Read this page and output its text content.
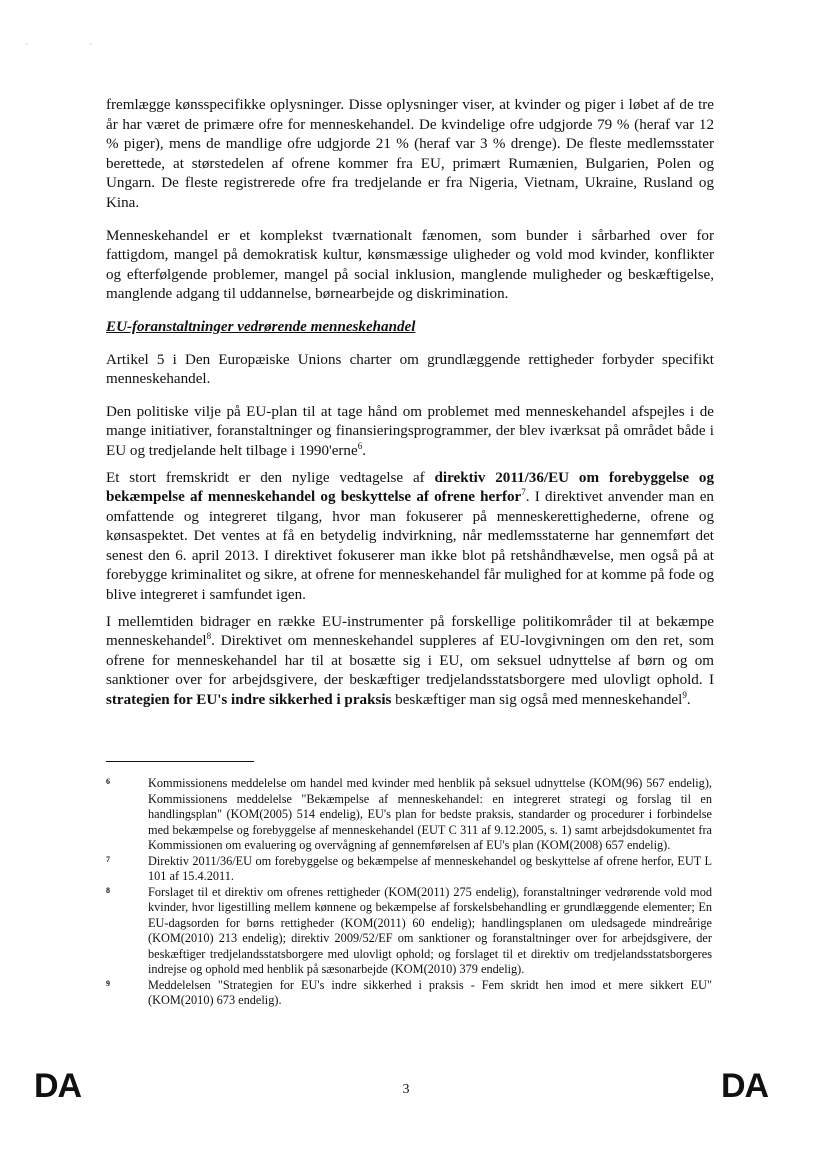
,	,

fremlægge kønsspecifikke oplysninger. Disse oplysninger viser, at kvinder og piger i løbet af de tre år har været de primære ofre for menneskehandel. De kvindelige ofre udgjorde 79 % (heraf var 12 % piger), mens de mandlige ofre udgjorde 21 % (heraf var 3 % drenge). De fleste medlemsstater berettede, at størstedelen af ofrene kommer fra EU, primært Rumænien, Bulgarien, Polen og Ungarn. De fleste registrerede ofre fra tredjelande er fra Nigeria, Vietnam, Ukraine, Rusland og Kina.

Menneskehandel er et komplekst tværnationalt fænomen, som bunder i sårbarhed over for fattigdom, mangel på demokratisk kultur, kønsmæssige uligheder og vold mod kvinder, konflikter og efterfølgende problemer, mangel på social inklusion, manglende muligheder og beskæftigelse, manglende adgang til uddannelse, børnearbejde og diskrimination.

EU-foranstaltninger vedrørende menneskehandel

Artikel 5 i Den Europæiske Unions charter om grundlæggende rettigheder forbyder specifikt menneskehandel.

Den politiske vilje på EU-plan til at tage hånd om problemet med menneskehandel afspejles i de mange initiativer, foranstaltninger og finansieringsprogrammer, der blev iværksat på området både i EU og tredjelande helt tilbage i 1990'erne$^6$.

Et stort fremskridt er den nylige vedtagelse af direktiv 2011/36/EU om forebyggelse og bekæmpelse af menneskehandel og beskyttelse af ofrene herfor$^7$. I direktivet anvender man en omfattende og integreret tilgang, hvor man fokuserer på menneskerettighederne, ofrene og kønsaspektet. Det ventes at få en betydelig indvirkning, når medlemsstaterne har gennemført det senest den 6. april 2013. I direktivet fokuserer man ikke blot på retshåndhævelse, men også på at forebygge kriminalitet og sikre, at ofrene for menneskehandel får mulighed for at komme på fode og blive integreret i samfundet igen.

I mellemtiden bidrager en række EU-instrumenter på forskellige politikområder til at bekæmpe menneskehandel$^8$. Direktivet om menneskehandel suppleres af EU-lovgivningen om den ret, som ofrene for menneskehandel har til at bosætte sig i EU, om seksuel udnyttelse af børn og om sanktioner over for arbejdsgivere, der beskæftiger tredjelandsstatsborgere med ulovligt ophold. I strategien for EU's indre sikkerhed i praksis beskæftiger man sig også med menneskehandel$^9$.

6	Kommissionens meddelelse om handel med kvinder med henblik på seksuel udnyttelse (KOM(96) 567 endelig), Kommissionens meddelelse "Bekæmpelse af menneskehandel: en integreret strategi og forslag til en handlingsplan" (KOM(2005) 514 endelig), EU's plan for bedste praksis, standarder og procedurer i forbindelse med bekæmpelse og forebyggelse af menneskehandel (EUT C 311 af 9.12.2005, s. 1) samt arbejdsdokumentet fra Kommissionen om evaluering og overvågning af gennemførelsen af EU's plan (KOM(2008) 657 endelig).
7	Direktiv 2011/36/EU om forebyggelse og bekæmpelse af menneskehandel og beskyttelse af ofrene herfor, EUT L 101 af 15.4.2011.
8	Forslaget til et direktiv om ofrenes rettigheder (KOM(2011) 275 endelig), foranstaltninger vedrørende vold mod kvinder, hvor ligestilling mellem kønnene og bekæmpelse af forskelsbehandling er grundlæggende elementer; En EU-dagsorden for børns rettigheder (KOM(2011) 60 endelig); handlingsplanen om uledsagede mindreårige (KOM(2010) 213 endelig); direktiv 2009/52/EF om sanktioner og foranstaltninger over for arbejdsgivere, der beskæftiger tredjelandsstatsborgere med ulovligt ophold; og forslaget til et direktiv om tredjelandsstatsborgeres indrejse og ophold med henblik på sæsonarbejde (KOM(2010) 379 endelig).
9	Meddelelsen "Strategien for EU's indre sikkerhed i praksis - Fem skridt hen imod et mere sikkert EU" (KOM(2010) 673 endelig).
DA	3	DA
